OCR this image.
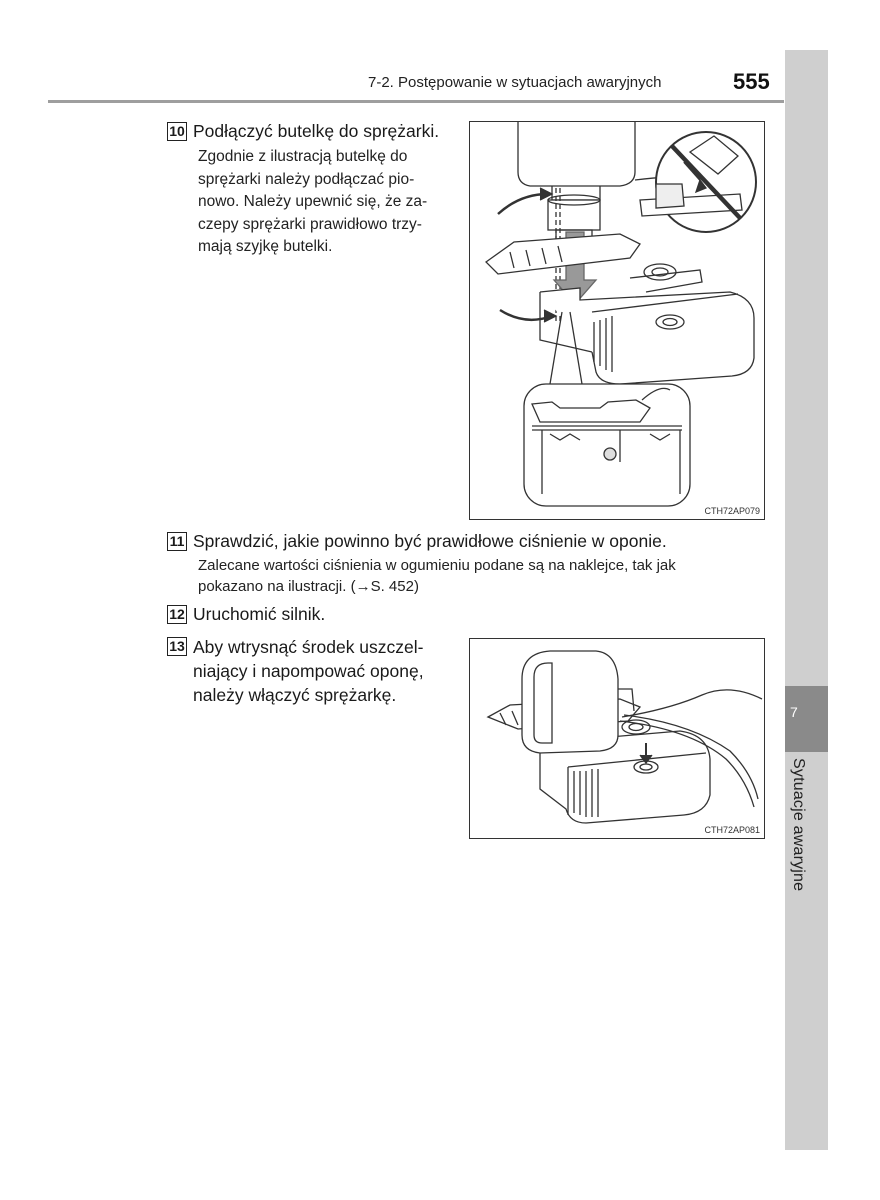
7-2. Postępowanie w sytuacjach awaryjnych	555
7
Sytuacje awaryjne
10 Podłączyć butelkę do sprężarki.
Zgodnie z ilustracją butelkę do
sprężarki należy podłączać pio-
nowo. Należy upewnić się, że za-
czepy sprężarki prawidłowo trzy-
mają szyjkę butelki.
CTH72AP079
11 Sprawdzić, jakie powinno być prawidłowe ciśnienie w oponie.
Zalecane wartości ciśnienia w ogumieniu podane są na naklejce, tak jak
pokazano na ilustracji. (→S. 452)
12 Uruchomić silnik.
13 Aby wtrysnąć środek uszczel-
niający i napompować oponę,
należy włączyć sprężarkę.
CTH72AP081
